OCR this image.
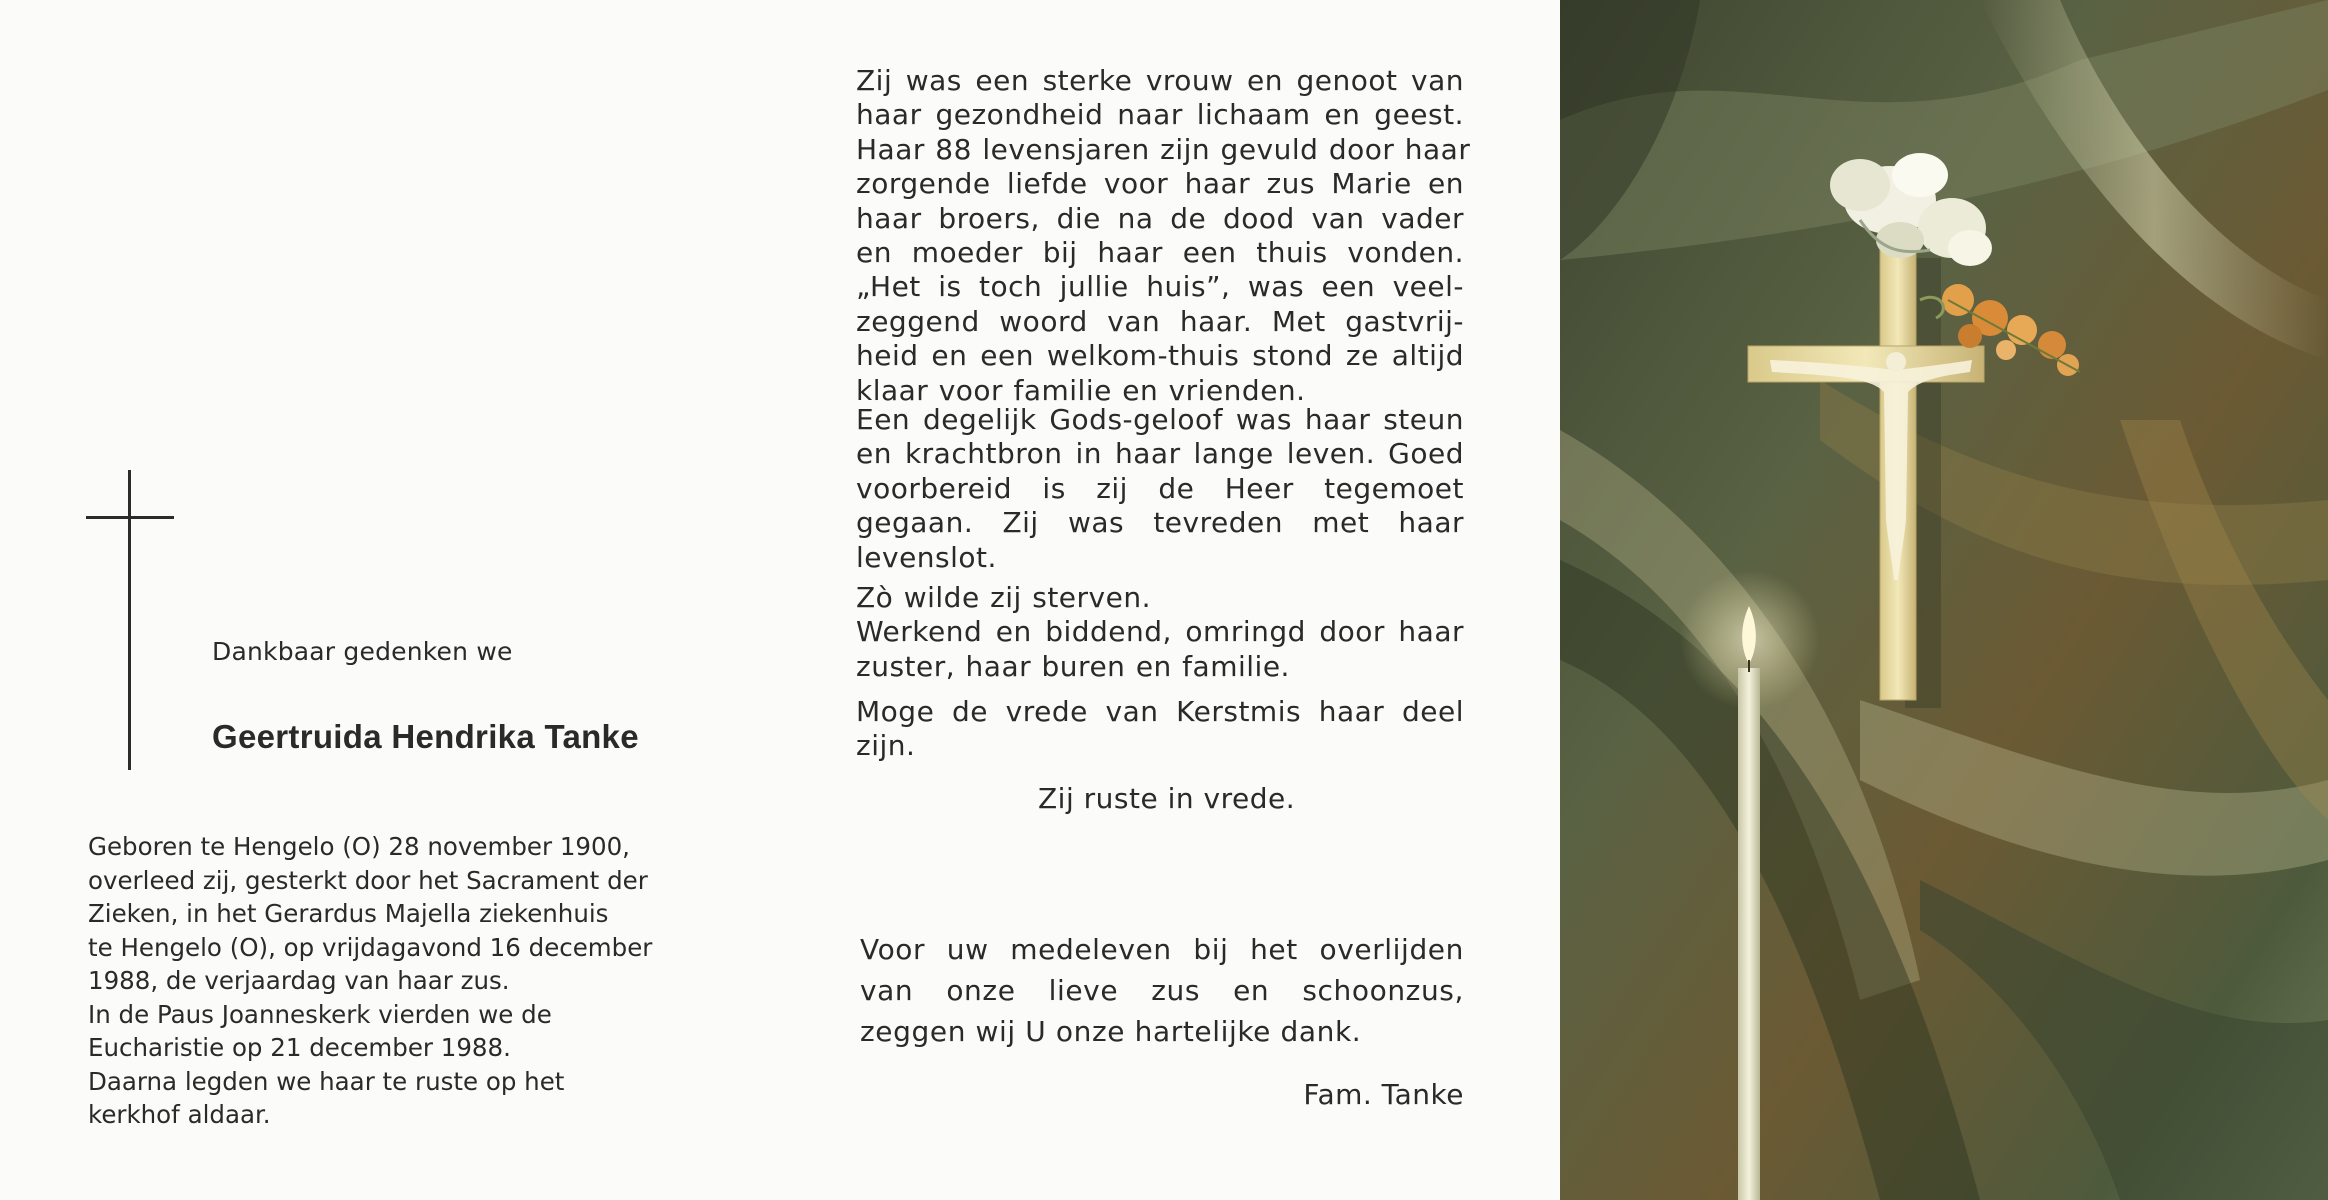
Dankbaar gedenken we
Geertruida Hendrika Tanke
Geboren te Hengelo (O) 28 november 1900,
overleed zij, gesterkt door het Sacrament der
Zieken, in het Gerardus Majella ziekenhuis
te Hengelo (O), op vrijdagavond 16 december
1988, de verjaardag van haar zus.
In de Paus Joanneskerk vierden we de
Eucharistie op 21 december 1988.
Daarna legden we haar te ruste op het
kerkhof aldaar.
Zij was een sterke vrouw en genoot van
haar gezondheid naar lichaam en geest.
Haar 88 levensjaren zijn gevuld door haar
zorgende liefde voor haar zus Marie en
haar broers, die na de dood van vader
en moeder bij haar een thuis vonden.
„Het is toch jullie huis”, was een veel-
zeggend woord van haar. Met gastvrij-
heid en een welkom-thuis stond ze altijd
klaar voor familie en vrienden.
Een degelijk Gods-geloof was haar steun
en krachtbron in haar lange leven. Goed
voorbereid is zij de Heer tegemoet
gegaan. Zij was tevreden met haar
levenslot.
Zò wilde zij sterven.
Werkend en biddend, omringd door haar
zuster, haar buren en familie.
Moge de vrede van Kerstmis haar deel
zijn.
Zij ruste in vrede.
Voor uw medeleven bij het overlijden
van onze lieve zus en schoonzus,
zeggen wij U onze hartelijke dank.
Fam. Tanke
